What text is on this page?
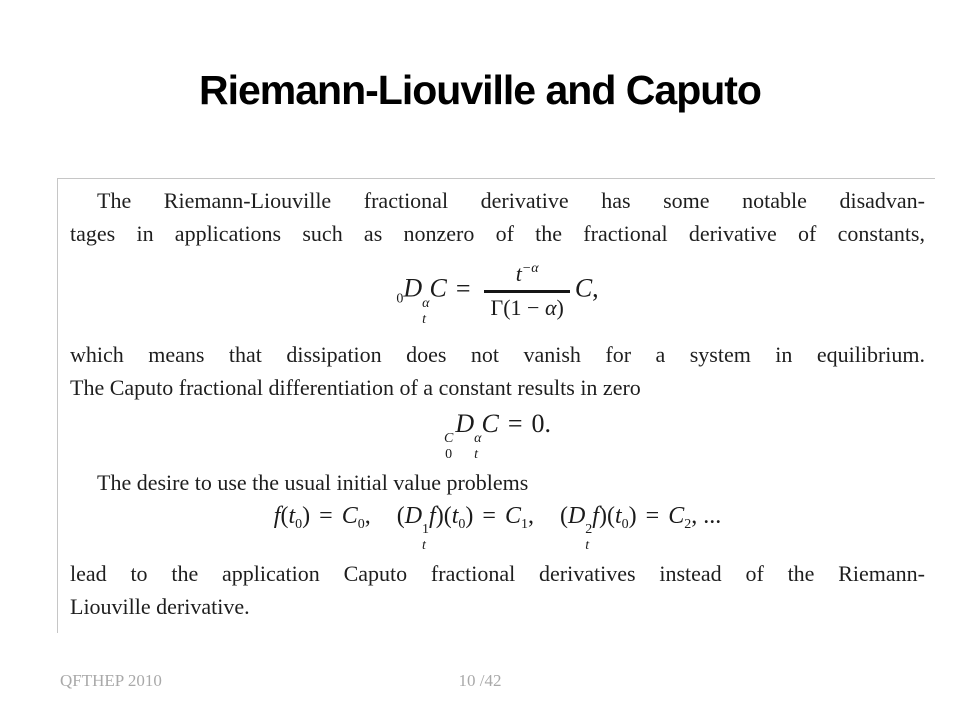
Riemann-Liouville and Caputo

The Riemann-Liouville fractional derivative has some notable disadvan-

tages in applications such as nonzero of the fractional derivative of constants,

$_0$D
α
t
$C = \frac{t^{-\alpha}}{\Gamma(1 - \alpha)} C$,

which means that dissipation does not vanish for a system in equilibrium.

The Caputo fractional differentiation of a constant results in zero

C
0
D
α
t
C = 0.

The desire to use the usual initial value problems

$f(t_0) = C_0$, (D
1
t
$f)(t_0) = C_1$, (D
2
t
$f)(t_0) = C_2$, ...

lead to the application Caputo fractional derivatives instead of the Riemann-

Liouville derivative.

10 /42
QFTHEP 2010
